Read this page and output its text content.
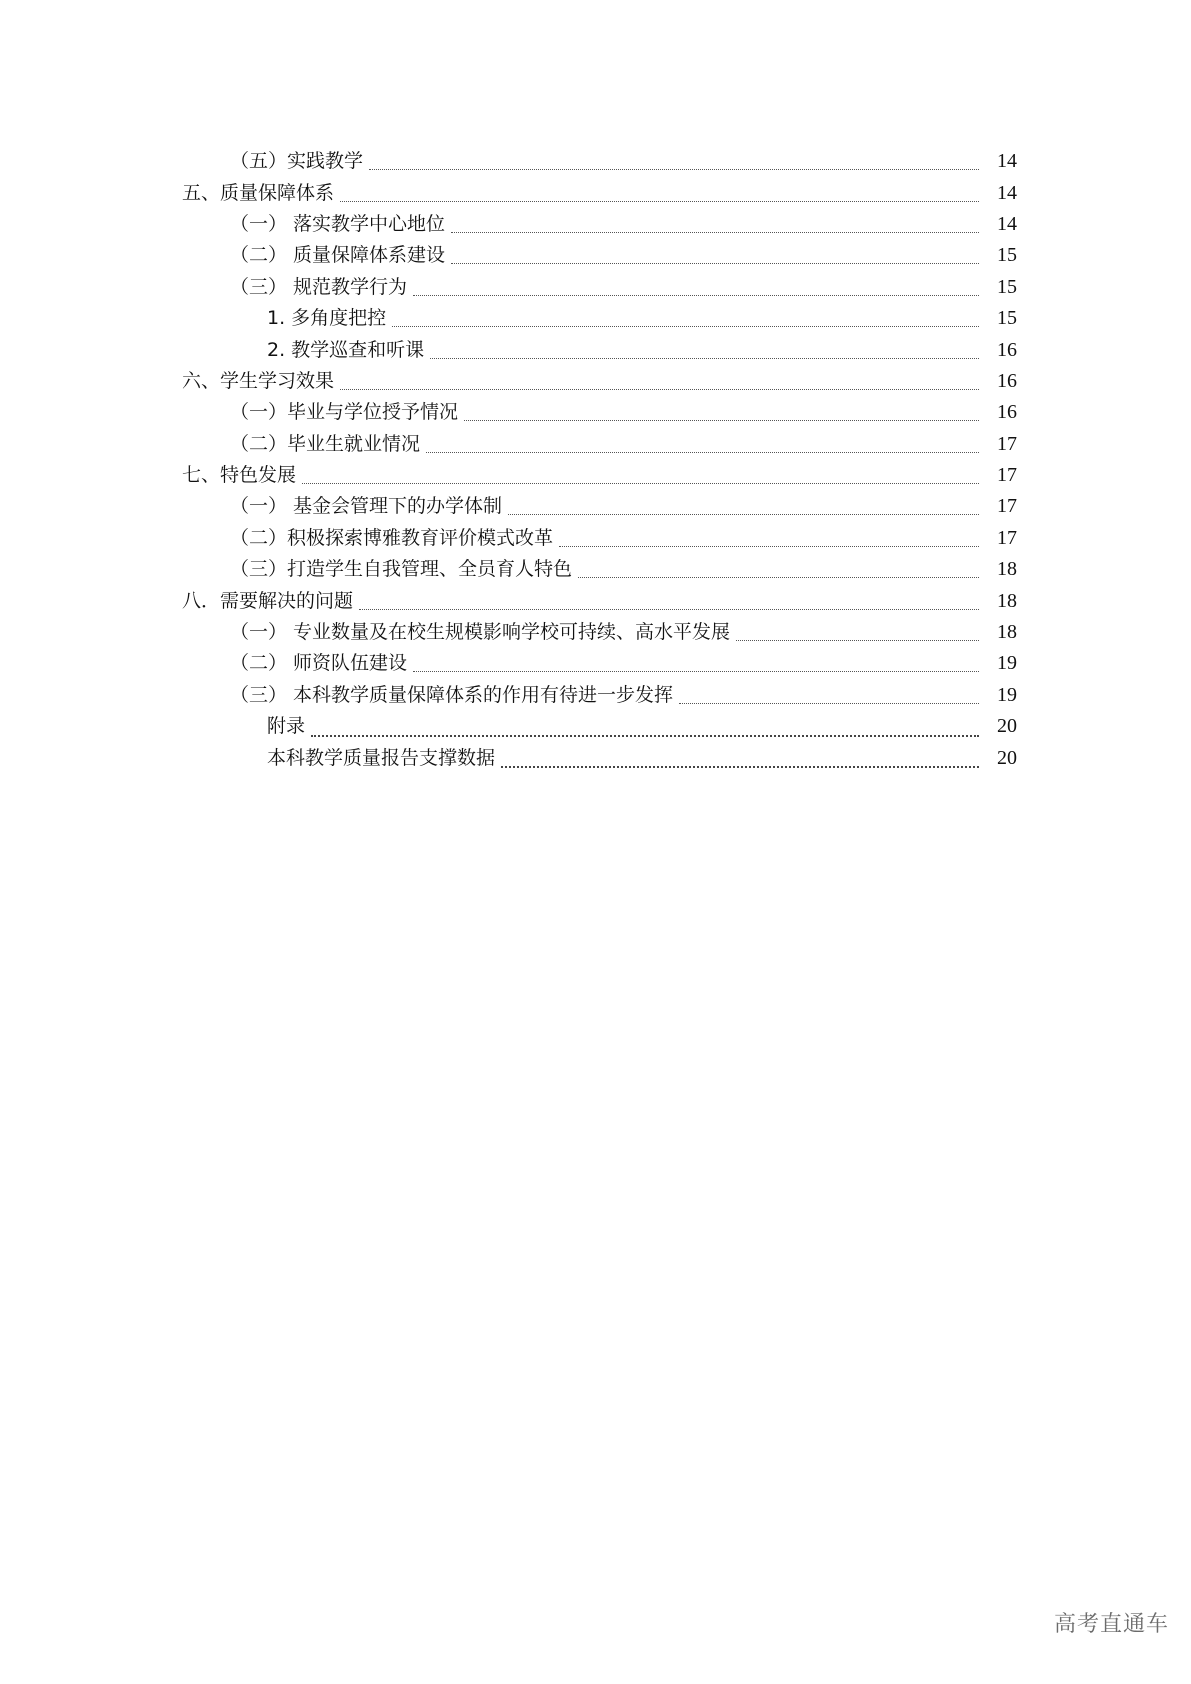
（五）实践教学	14
五、质量保障体系	14
（一） 落实教学中心地位	14
（二） 质量保障体系建设	15
（三） 规范教学行为	15
1. 多角度把控	15
2. 教学巡查和听课	16
六、学生学习效果	16
（一）毕业与学位授予情况	16
（二）毕业生就业情况	17
七、特色发展	17
（一） 基金会管理下的办学体制	17
（二）积极探索博雅教育评价模式改革	17
（三）打造学生自我管理、全员育人特色	18
八．需要解决的问题	18
（一） 专业数量及在校生规模影响学校可持续、高水平发展	18
（二） 师资队伍建设	19
（三） 本科教学质量保障体系的作用有待进一步发挥	19
附录	20
本科教学质量报告支撑数据	20
高考直通车
